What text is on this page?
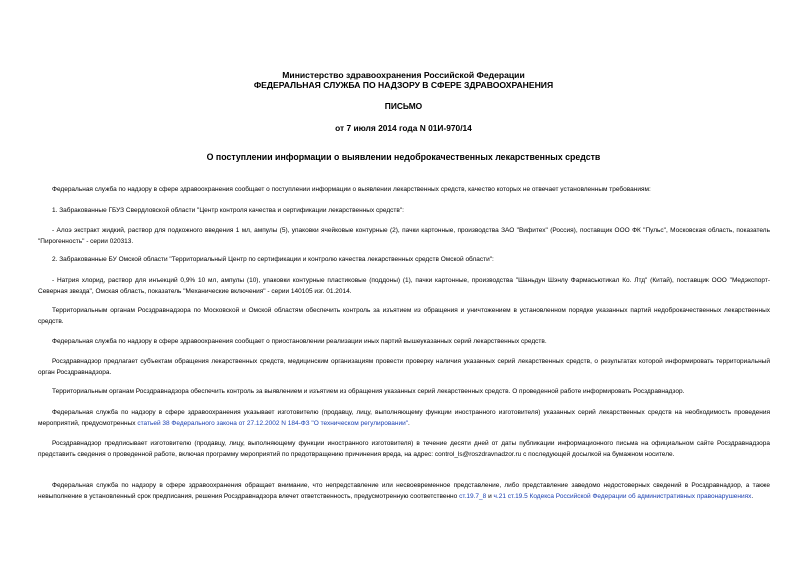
Министерство здравоохранения Российской Федерации
ФЕДЕРАЛЬНАЯ СЛУЖБА ПО НАДЗОРУ В СФЕРЕ ЗДРАВООХРАНЕНИЯ
ПИСЬМО
от 7 июля 2014 года N 01И-970/14
О поступлении информации о выявлении недоброкачественных лекарственных средств
Федеральная служба по надзору в сфере здравоохранения сообщает о поступлении информации о выявлении лекарственных средств, качество которых не отвечает установленным требованиям:
1. Забракованные ГБУЗ Свердловской области "Центр контроля качества и сертификации лекарственных средств":
- Алоэ экстракт жидкий, раствор для подкожного введения 1 мл, ампулы (5), упаковки ячейковые контурные (2), пачки картонные, производства ЗАО "Вифитех" (Россия), поставщик ООО ФК "Пульс", Московская область, показатель "Пирогенность" - серии 020313.
2. Забракованные БУ Омской области "Территориальный Центр по сертификации и контролю качества лекарственных средств Омской области":
- Натрия хлорид, раствор для инъекций 0,9% 10 мл, ампулы (10), упаковки контурные пластиковые (поддоны) (1), пачки картонные, производства "Шаньдун Шэнлу Фармасьютикал Ко. Лтд" (Китай), поставщик ООО "Медэкспорт-Северная звезда", Омская область, показатель "Механические включения" - серии 140105 изг. 01.2014.
Территориальным органам Росздравнадзора по Московской и Омской областям обеспечить контроль за изъятием из обращения и уничтожением в установленном порядке указанных партий недоброкачественных лекарственных средств.
Федеральная служба по надзору в сфере здравоохранения сообщает о приостановлении реализации иных партий вышеуказанных серий лекарственных средств.
Росздравнадзор предлагает субъектам обращения лекарственных средств, медицинским организациям провести проверку наличия указанных серий лекарственных средств, о результатах которой информировать территориальный орган Росздравнадзора.
Территориальным органам Росздравнадзора обеспечить контроль за выявлением и изъятием из обращения указанных серий лекарственных средств. О проведенной работе информировать Росздравнадзор.
Федеральная служба по надзору в сфере здравоохранения указывает изготовителю (продавцу, лицу, выполняющему функции иностранного изготовителя) указанных серий лекарственных средств на необходимость проведения мероприятий, предусмотренных статьей 38 Федерального закона от 27.12.2002 N 184-ФЗ "О техническом регулировании".
Росздравнадзор предписывает изготовителю (продавцу, лицу, выполняющему функции иностранного изготовителя) в течение десяти дней от даты публикации информационного письма на официальном сайте Росздравнадзора представить сведения о проведенной работе, включая программу мероприятий по предотвращению причинения вреда, на адрес: control_ls@roszdravnadzor.ru с последующей досылкой на бумажном носителе.
Федеральная служба по надзору в сфере здравоохранения обращает внимание, что непредставление или несвоевременное представление, либо представление заведомо недостоверных сведений в Росздравнадзор, а также невыполнение в установленный срок предписания, решения Росздравнадзора влечет ответственность, предусмотренную соответственно ст.19.7_8 и ч.21 ст.19.5 Кодекса Российской Федерации об административных правонарушениях.
